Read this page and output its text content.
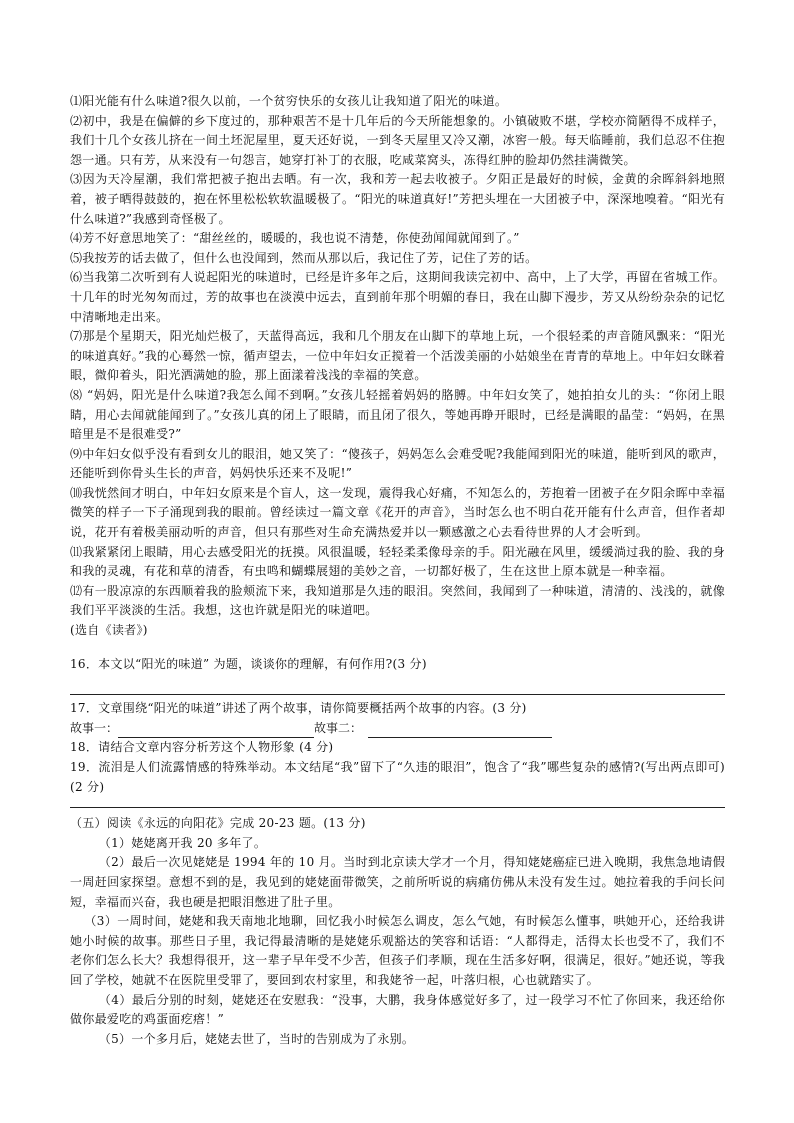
⑴阳光能有什么味道?很久以前，一个贫穷快乐的女孩儿让我知道了阳光的味道。

⑵初中，我是在偏僻的乡下度过的，那种艰苦不是十几年后的今天所能想象的。小镇破败不堪，学校亦简陋得不成样子，我们十几个女孩儿挤在一间土坯泥屋里，夏天还好说，一到冬天屋里又冷又潮，冰窖一般。每天临睡前，我们总忍不住抱怨一通。只有芳，从来没有一句怨言，她穿打补丁的衣服，吃咸菜窝头，冻得红肿的脸却仍然挂满微笑。

⑶因为天冷屋潮，我们常把被子抱出去晒。有一次，我和芳一起去收被子。夕阳正是最好的时候，金黄的余晖斜斜地照着，被子晒得鼓鼓的，抱在怀里松松软软温暖极了。“阳光的味道真好!”芳把头埋在一大团被子中，深深地嗅着。“阳光有什么味道?”我感到奇怪极了。

⑷芳不好意思地笑了：“甜丝丝的，暖暖的，我也说不清楚，你使劲闻闻就闻到了。”

⑸我按芳的话去做了，但什么也没闻到，然而从那以后，我记住了芳，记住了芳的话。

⑹当我第二次听到有人说起阳光的味道时，已经是许多年之后，这期间我读完初中、高中，上了大学，再留在省城工作。十几年的时光匆匆而过，芳的故事也在淡漠中远去，直到前年那个明媚的春日，我在山脚下漫步，芳又从纷纷杂杂的记忆中清晰地走出来。

⑺那是个星期天，阳光灿烂极了，天蓝得高远，我和几个朋友在山脚下的草地上玩，一个很轻柔的声音随风飘来：“阳光的味道真好。”我的心蓦然一惊，循声望去，一位中年妇女正搅着一个活泼美丽的小姑娘坐在青青的草地上。中年妇女眯着眼，微仰着头，阳光洒满她的脸，那上面漾着浅浅的幸福的笑意。

⑻ “妈妈，阳光是什么味道?我怎么闻不到啊。”女孩儿轻摇着妈妈的胳膊。中年妇女笑了，她拍拍女儿的头：“你闭上眼睛，用心去闻就能闻到了。”女孩儿真的闭上了眼睛，而且闭了很久，等她再睁开眼时，已经是满眼的晶莹：“妈妈，在黑暗里是不是很难受?”

⑼中年妇女似乎没有看到女儿的眼泪，她又笑了：“傻孩子，妈妈怎么会难受呢?我能闻到阳光的味道，能听到风的歌声，还能听到你骨头生长的声音，妈妈快乐还来不及呢!”

⑽我恍然间才明白，中年妇女原来是个盲人，这一发现，震得我心好痛，不知怎么的，芳抱着一团被子在夕阳余晖中幸福微笑的样子一下子涌现到我的眼前。曾经读过一篇文章《花开的声音》，当时怎么也不明白花开能有什么声音，但作者却说，花开有着极美丽动听的声音，但只有那些对生命充满热爱并以一颗感激之心去看待世界的人才会听到。

⑾我紧紧闭上眼睛，用心去感受阳光的抚摸。风很温暖，轻轻柔柔像母亲的手。阳光融在风里，缓缓淌过我的脸、我的身和我的灵魂，有花和草的清香，有虫鸣和蝴蝶展翅的美妙之音，一切都好极了，生在这世上原本就是一种幸福。

⑿有一股凉凉的东西顺着我的脸颊流下来，我知道那是久违的眼泪。突然间，我闻到了一种味道，清清的、浅浅的，就像我们平平淡淡的生活。我想，这也许就是阳光的味道吧。

(选自《读者》)

16．本文以“阳光的味道” 为题，谈谈你的理解，有何作用?(3 分)

17．文章围绕“阳光的味道”讲述了两个故事，请你简要概括两个故事的内容。(3 分)

故事一：	故事二：

18．请结合文章内容分析芳这个人物形象 (4 分)

19．流泪是人们流露情感的特殊举动。本文结尾“我”留下了“久违的眼泪”，饱含了“我”哪些复杂的感情?(写出两点即可) (2 分)

（五）阅读《永远的向阳花》完成 20-23 题。(13 分)

（1）姥姥离开我 20 多年了。

（2）最后一次见姥姥是 1994 年的 10 月。当时到北京读大学才一个月，得知姥姥癌症已进入晚期，我焦急地请假一周赶回家探望。意想不到的是，我见到的姥姥面带微笑，之前所听说的病痛仿佛从未没有发生过。她拉着我的手问长问短，幸福而兴奋，我也硬是把眼泪憋进了肚子里。

（3）一周时间，姥姥和我天南地北地聊，回忆我小时候怎么调皮，怎么气她，有时候怎么懂事，哄她开心，还给我讲她小时候的故事。那些日子里，我记得最清晰的是姥姥乐观豁达的笑容和话语：“人都得走，活得太长也受不了，我们不老你们怎么长大？我想得很开，这一辈子早年受不少苦，但孩子们孝顺，现在生活多好啊，很满足，很好。”她还说，等我回了学校，她就不在医院里受罪了，要回到农村家里，和我姥爷一起，叶落归根，心也就踏实了。

（4）最后分别的时刻，姥姥还在安慰我：“没事，大鹏，我身体感觉好多了，过一段学习不忙了你回来，我还给你做你最爱吃的鸡蛋面疙瘩！”

（5）一个多月后，姥姥去世了，当时的告别成为了永别。
